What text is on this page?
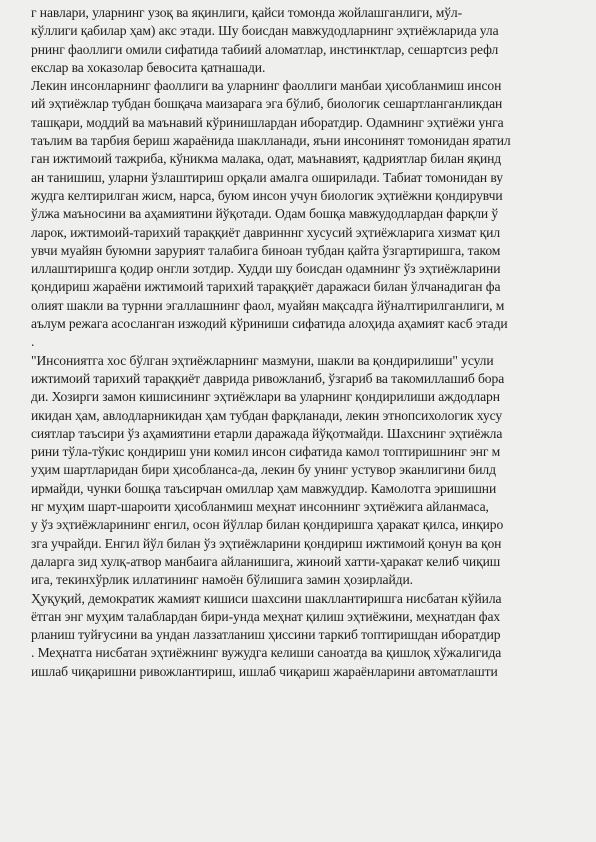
г навлари, уларнинг узоқ ва яқинлиги, қайси томонда жойлашганлиги, мўл-
кўллиги қабилар ҳам) акс этади. Шу боисдан мавжудодларнинг эҳтиёжларида ула
рнинг фаоллиги омили сифатида табиий аломатлар, инстинктлар, сешартсиз рефл
екслар ва хоказолар бевосита қатнашади.
Лекин инсонларнинг фаоллиги ва уларнинг фаоллиги манбаи ҳисобланмиш инсон
ий эҳтиёжлар тубдан бошқача маизарага эга бўлиб, биологик сешартланганликдан
ташқари, моддий ва маънавий кўринишлардан иборатдир. Одамнинг эҳтиёжи унга
таълим ва тарбия бериш жараёнида шаклланади, яъни инсонинят томонидан яратил
ган ижтимоий тажриба, кўникма малака, одат, маънавият, қадриятлар билан яқинд
ан танишиш, уларни ўзлаштириш орқали амалга оширилади. Табиат томонидан ву
жудга келтирилган жисм, нарса, буюм инсон учун биологик эҳтиёжни қондирувчи
ўлжа маъносини ва аҳамиятини йўқотади. Одам бошқа мавжудодлардан фарқли ў
ларок, ижтимоий-тарихий тараққиёт давринннг хусусий эҳтиёжларига хизмат қил
увчи муайян буюмни зарурият талабига биноан тубдан қайта ўзгартиришга, таком
иллаштиришга қодир онгли зотдир. Худди шу боисдан одамнинг ўз эҳтиёжларини
қондириш жараёни ижтимоий тарихий тараққиёт даражаси билан ўлчанадиган фа
олият шакли ва турнни эгаллашнинг фаол, муайян мақсадга йўналтирилганлиги, м
аълум режага асосланган изжодий кўриниши сифатида алоҳида аҳамият касб этади
.
"Инсониятга хос бўлган эҳтиёжларнинг мазмуни, шакли ва қондирилиши" усули
ижтимоий тарихий тараққиёт даврида ривожланиб, ўзгариб ва такомиллашиб бора
ди. Хозирги замон кишисининг эҳтиёжлари ва уларнинг қондирилиши аждодларн
икидан ҳам, авлодларникидан ҳам тубдан фарқланади, лекин этнопсихологик хусу
сиятлар таъсири ўз аҳамиятини етарли даражада йўқотмайди. Шахснинг эҳтиёжла
рини тўла-тўкис қондириш уни комил инсон сифатида камол топтиришнинг энг м
уҳим шартларидан бири ҳисобланса-да, лекин бу унинг устувор эканлигини билд
ирмайди, чунки бошқа таъсирчан омиллар ҳам мавжуддир. Камолотга эришишни
нг муҳим шарт-шароити ҳисобланмиш меҳнат инсоннинг эҳтиёжига айланмаса,
у ўз эҳтиёжларининг енгил, осон йўллар билан қондиришга ҳаракат қилса, инқиро
зга учрайди. Енгил йўл билан ўз эҳтиёжларини қондириш ижтимоий қонун ва қон
даларга зид хулқ-атвор манбаига айланишига, жиноий хатти-ҳаракат келиб чиқиш
ига, текинхўрлик иллатининг намоён бўлишига замин ҳозирлайди.
Ҳуқуқий, демократик жамият кишиси шахсини шакллантиришга нисбатан кўйила
ётган энг муҳим талаблардан бири-унда меҳнат қилиш эҳтиёжини, меҳнатдан фах
рланиш туйғусини ва ундан лаззатланиш ҳиссини таркиб топтиришдан иборатдир
. Меҳнатга нисбатан эҳтиёжнинг вужудга келиши саноатда ва қишлоқ хўжалигида
ишлаб чиқаришни ривожлантириш, ишлаб чиқариш жараёнларини автоматлашти
